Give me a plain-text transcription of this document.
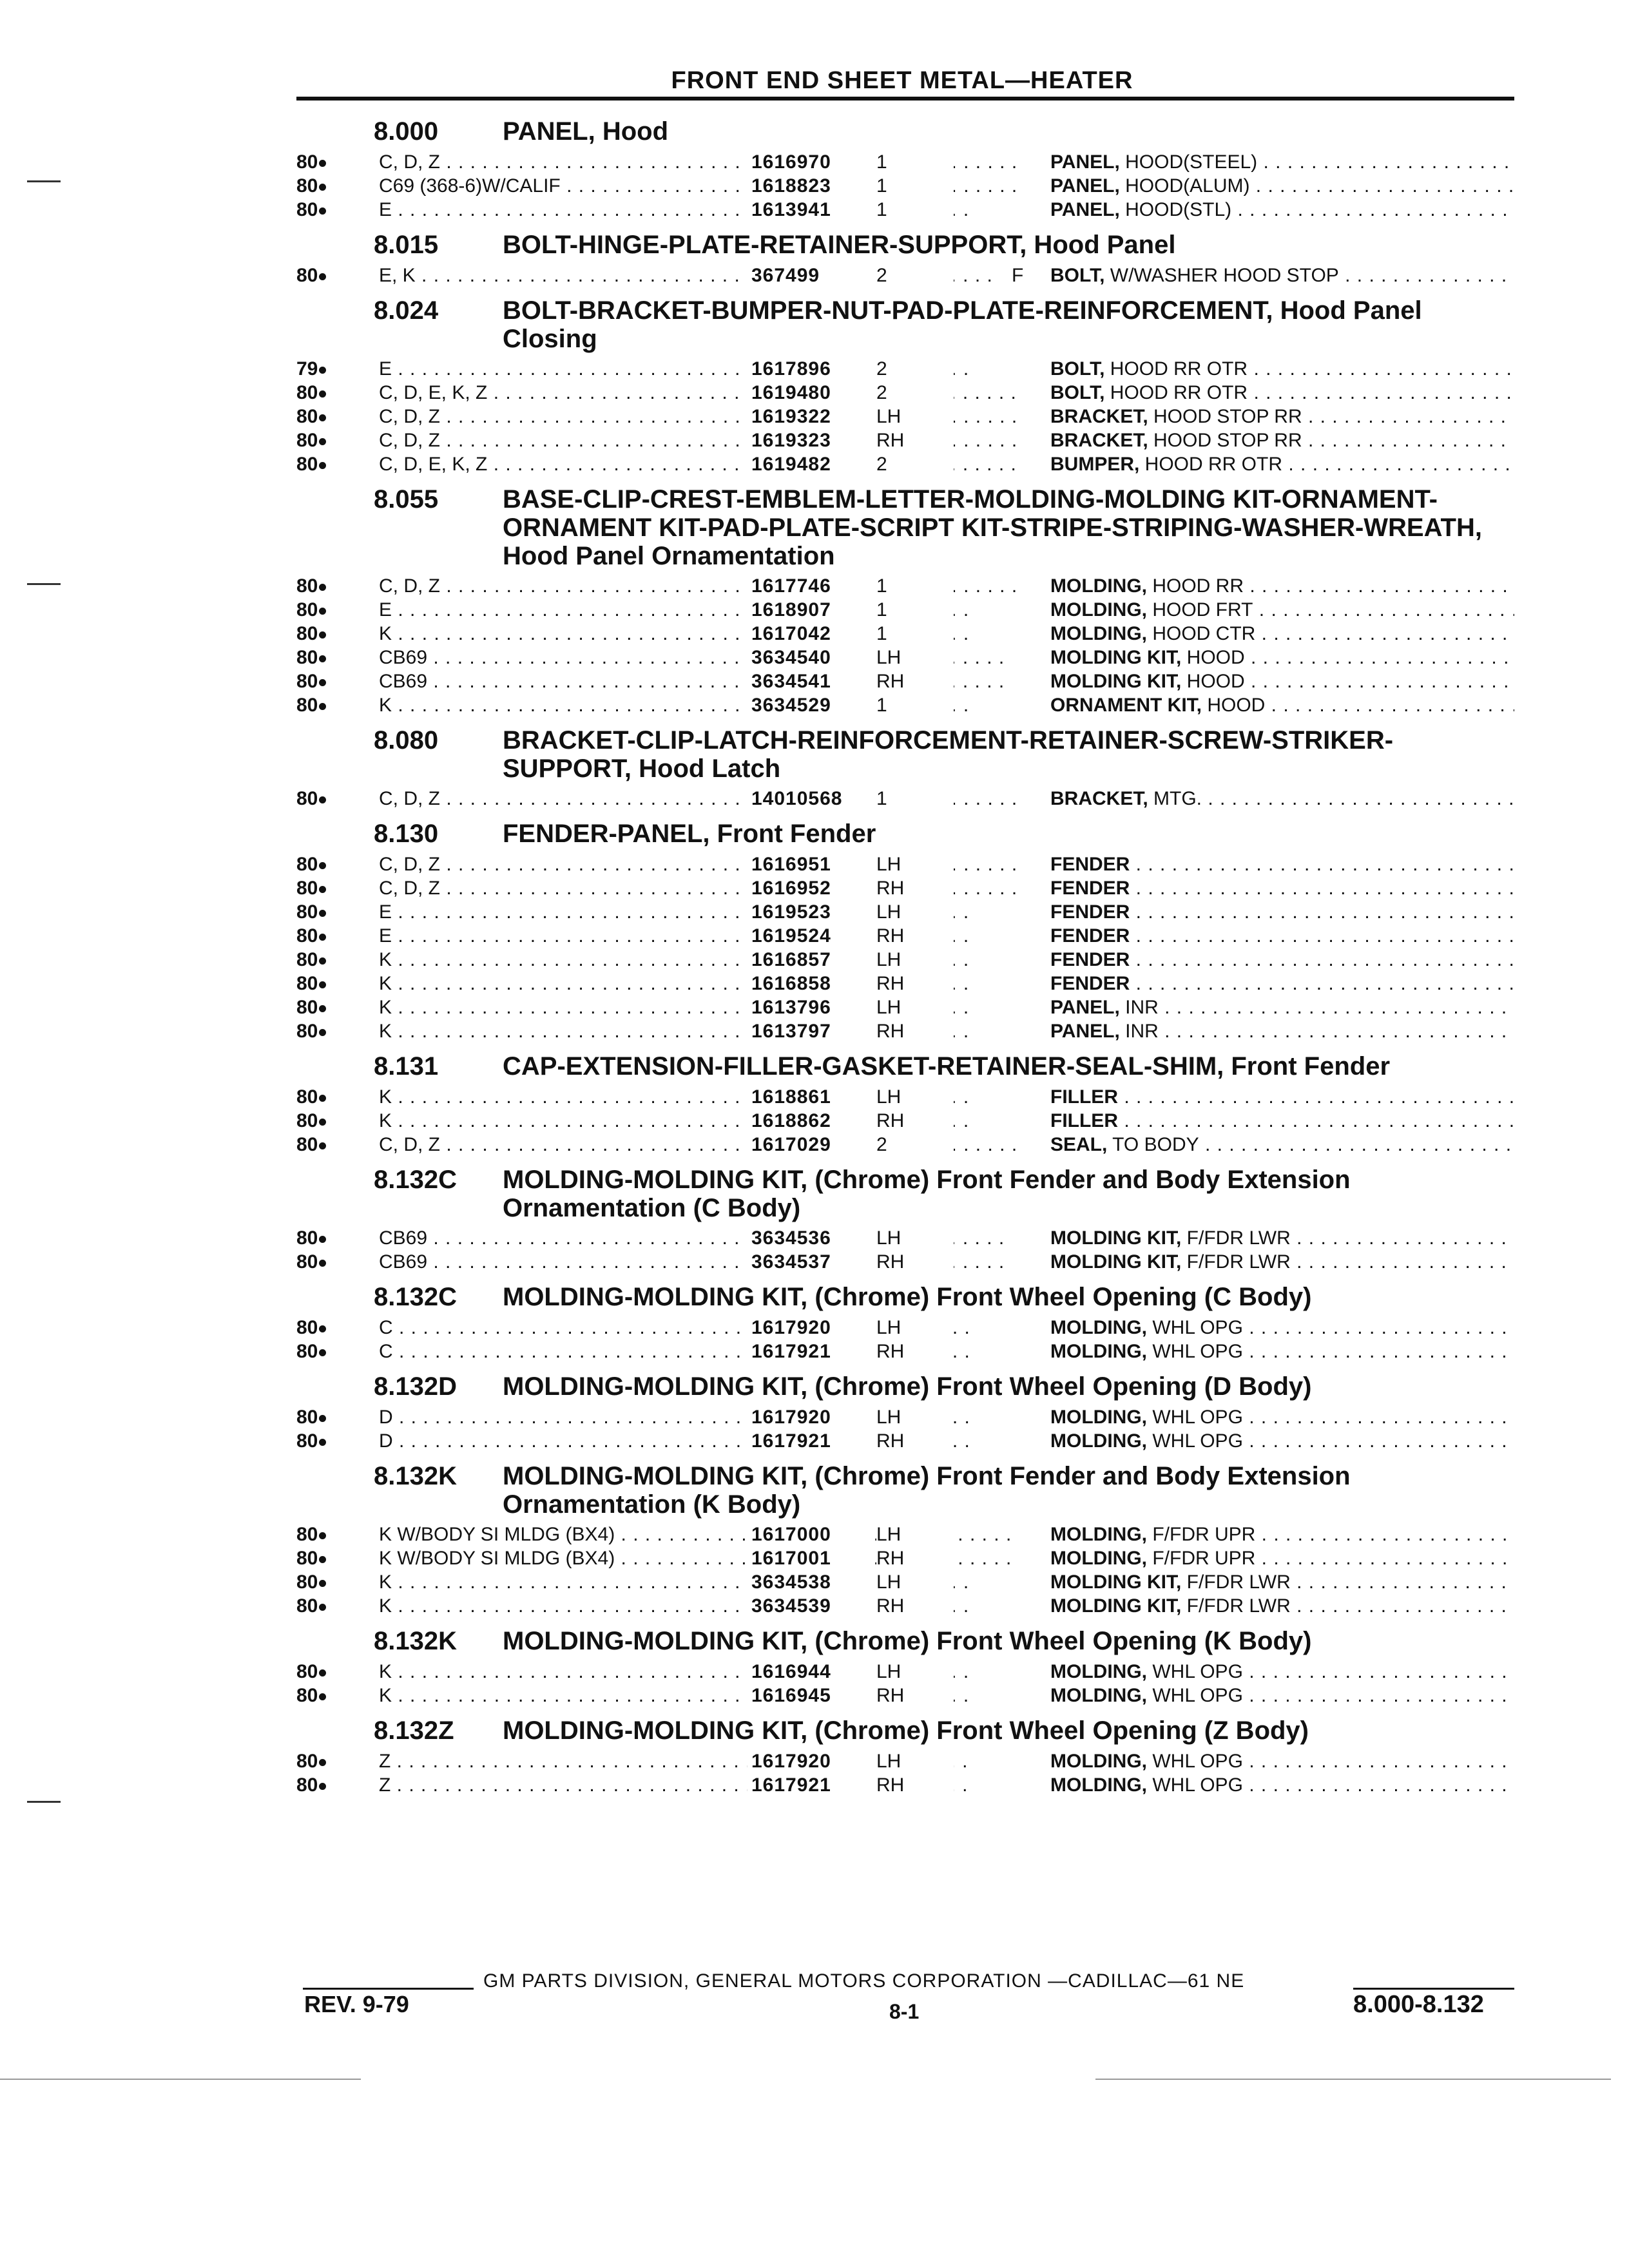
FRONT END SHEET METAL—HEATER
8.000	PANEL, Hood
80	C, D, Z . . .	1616970	1	PANEL, HOOD(STEEL) . . .
80	C69 (368-6)W/CALIF . . .	1618823	1	PANEL, HOOD(ALUM) . . .
80	E . . .	1613941	1	PANEL, HOOD(STL) . . .
8.015	BOLT-HINGE-PLATE-RETAINER-SUPPORT, Hood Panel
80	E, K . . .	367499	2	F	BOLT, W/WASHER HOOD STOP . . .
8.024	BOLT-BRACKET-BUMPER-NUT-PAD-PLATE-REINFORCEMENT, Hood Panel Closing
79	E . . .	1617896	2	BOLT, HOOD RR OTR . . .
80	C, D, E, K, Z . . .	1619480	2	BOLT, HOOD RR OTR . . .
80	C, D, Z . . .	1619322	LH	BRACKET, HOOD STOP RR . . .
80	C, D, Z . . .	1619323	RH	BRACKET, HOOD STOP RR . . .
80	C, D, E, K, Z . . .	1619482	2	BUMPER, HOOD RR OTR . . .
8.055	BASE-CLIP-CREST-EMBLEM-LETTER-MOLDING-MOLDING KIT-ORNAMENT-ORNAMENT KIT-PAD-PLATE-SCRIPT KIT-STRIPE-STRIPING-WASHER-WREATH, Hood Panel Ornamentation
80	C, D, Z . . .	1617746	1	MOLDING, HOOD RR . . .
80	E . . .	1618907	1	MOLDING, HOOD FRT . . .
80	K . . .	1617042	1	MOLDING, HOOD CTR . . .
80	CB69 . . .	3634540	LH	MOLDING KIT, HOOD . . .
80	CB69 . . .	3634541	RH	MOLDING KIT, HOOD . . .
80	K . . .	3634529	1	ORNAMENT KIT, HOOD . . .
8.080	BRACKET-CLIP-LATCH-REINFORCEMENT-RETAINER-SCREW-STRIKER-SUPPORT, Hood Latch
80	C, D, Z . . .	14010568	1	BRACKET, MTG. . . .
8.130	FENDER-PANEL, Front Fender
80	C, D, Z . . .	1616951	LH	FENDER . . .
80	C, D, Z . . .	1616952	RH	FENDER . . .
80	E . . .	1619523	LH	FENDER . . .
80	E . . .	1619524	RH	FENDER . . .
80	K . . .	1616857	LH	FENDER . . .
80	K . . .	1616858	RH	FENDER . . .
80	K . . .	1613796	LH	PANEL, INR . . .
80	K . . .	1613797	RH	PANEL, INR . . .
8.131	CAP-EXTENSION-FILLER-GASKET-RETAINER-SEAL-SHIM, Front Fender
80	K . . .	1618861	LH	FILLER . . .
80	K . . .	1618862	RH	FILLER . . .
80	C, D, Z . . .	1617029	2	SEAL, TO BODY . . .
8.132C	MOLDING-MOLDING KIT, (Chrome) Front Fender and Body Extension Ornamentation (C Body)
80	CB69 . . .	3634536	LH	MOLDING KIT, F/FDR LWR . . .
80	CB69 . . .	3634537	RH	MOLDING KIT, F/FDR LWR . . .
8.132C	MOLDING-MOLDING KIT, (Chrome) Front Wheel Opening (C Body)
80	C . . .	1617920	LH	MOLDING, WHL OPG . . .
80	C . . .	1617921	RH	MOLDING, WHL OPG . . .
8.132D	MOLDING-MOLDING KIT, (Chrome) Front Wheel Opening (D Body)
80	D . . .	1617920	LH	MOLDING, WHL OPG . . .
80	D . . .	1617921	RH	MOLDING, WHL OPG . . .
8.132K	MOLDING-MOLDING KIT, (Chrome) Front Fender and Body Extension Ornamentation (K Body)
80	K W/BODY SI MLDG (BX4) . . .	1617000	LH	MOLDING, F/FDR UPR . . .
80	K W/BODY SI MLDG (BX4) . . .	1617001	RH	MOLDING, F/FDR UPR . . .
80	K . . .	3634538	LH	MOLDING KIT, F/FDR LWR . . .
80	K . . .	3634539	RH	MOLDING KIT, F/FDR LWR . . .
8.132K	MOLDING-MOLDING KIT, (Chrome) Front Wheel Opening (K Body)
80	K . . .	1616944	LH	MOLDING, WHL OPG . . .
80	K . . .	1616945	RH	MOLDING, WHL OPG . . .
8.132Z	MOLDING-MOLDING KIT, (Chrome) Front Wheel Opening (Z Body)
80	Z . . .	1617920	LH	MOLDING, WHL OPG . . .
80	Z . . .	1617921	RH	MOLDING, WHL OPG . . .
GM PARTS DIVISION, GENERAL MOTORS CORPORATION —CADILLAC—61 NE
REV. 9-79	8-1	8.000-8.132
